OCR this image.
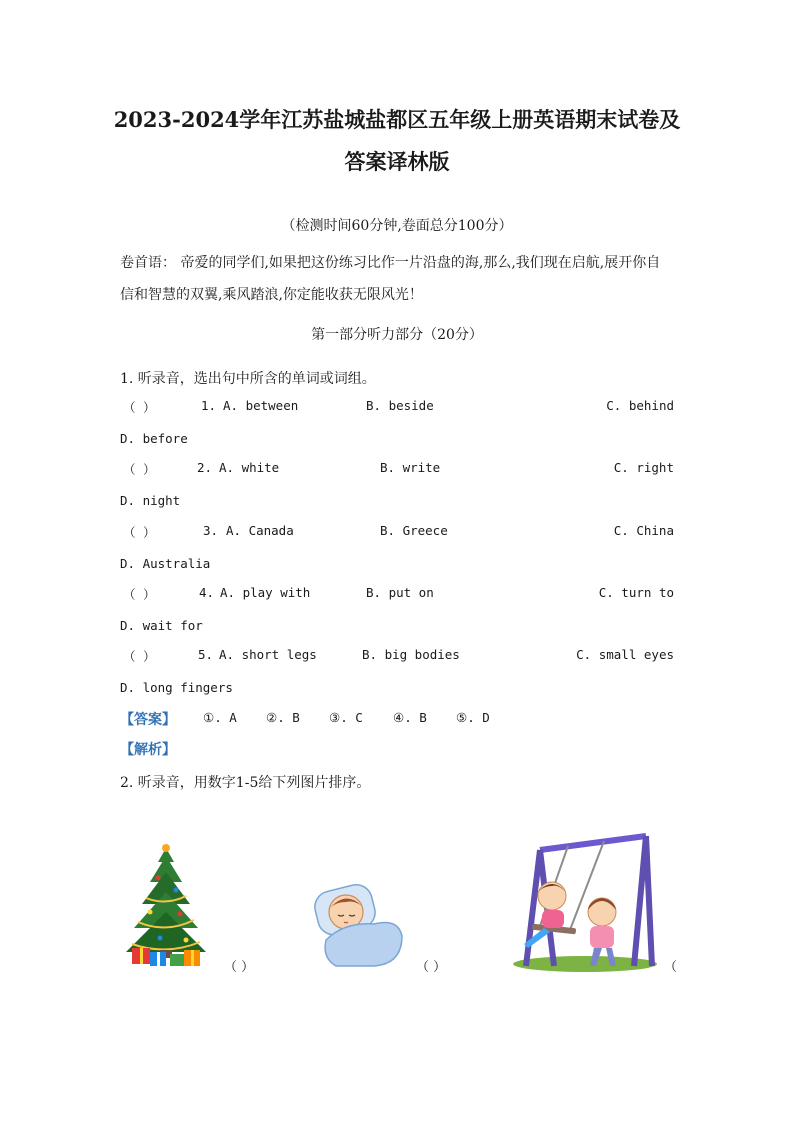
2023-2024学年江苏盐城盐都区五年级上册英语期末试卷及
答案译林版
（检测时间60分钟,卷面总分100分）
卷首语： 帝爱的同学们,如果把这份练习比作一片沿盘的海,那么,我们现在启航,展开你自
信和智慧的双翼,乘风踏浪,你定能收获无限风光！
第一部分听力部分（20分）
1. 听录音，选出句中所含的单词或词组。
（ ）	1. A. between	B. beside	C. behind
D. before
（ ）	2. A. white	B. write	C. right
D. night
（ ）	3. A. Canada	B. Greece	C. China
D. Australia
（ ）	4. A. play with	B. put on	C. turn to
D. wait for
（ ）	5. A. short legs	B. big bodies	C. small eyes
D. long fingers
【答案】 ①. A ②. B ③. C ④. B ⑤. D
【解析】
2. 听录音，用数字1-5给下列图片排序。
（ ）	（ ）	（
